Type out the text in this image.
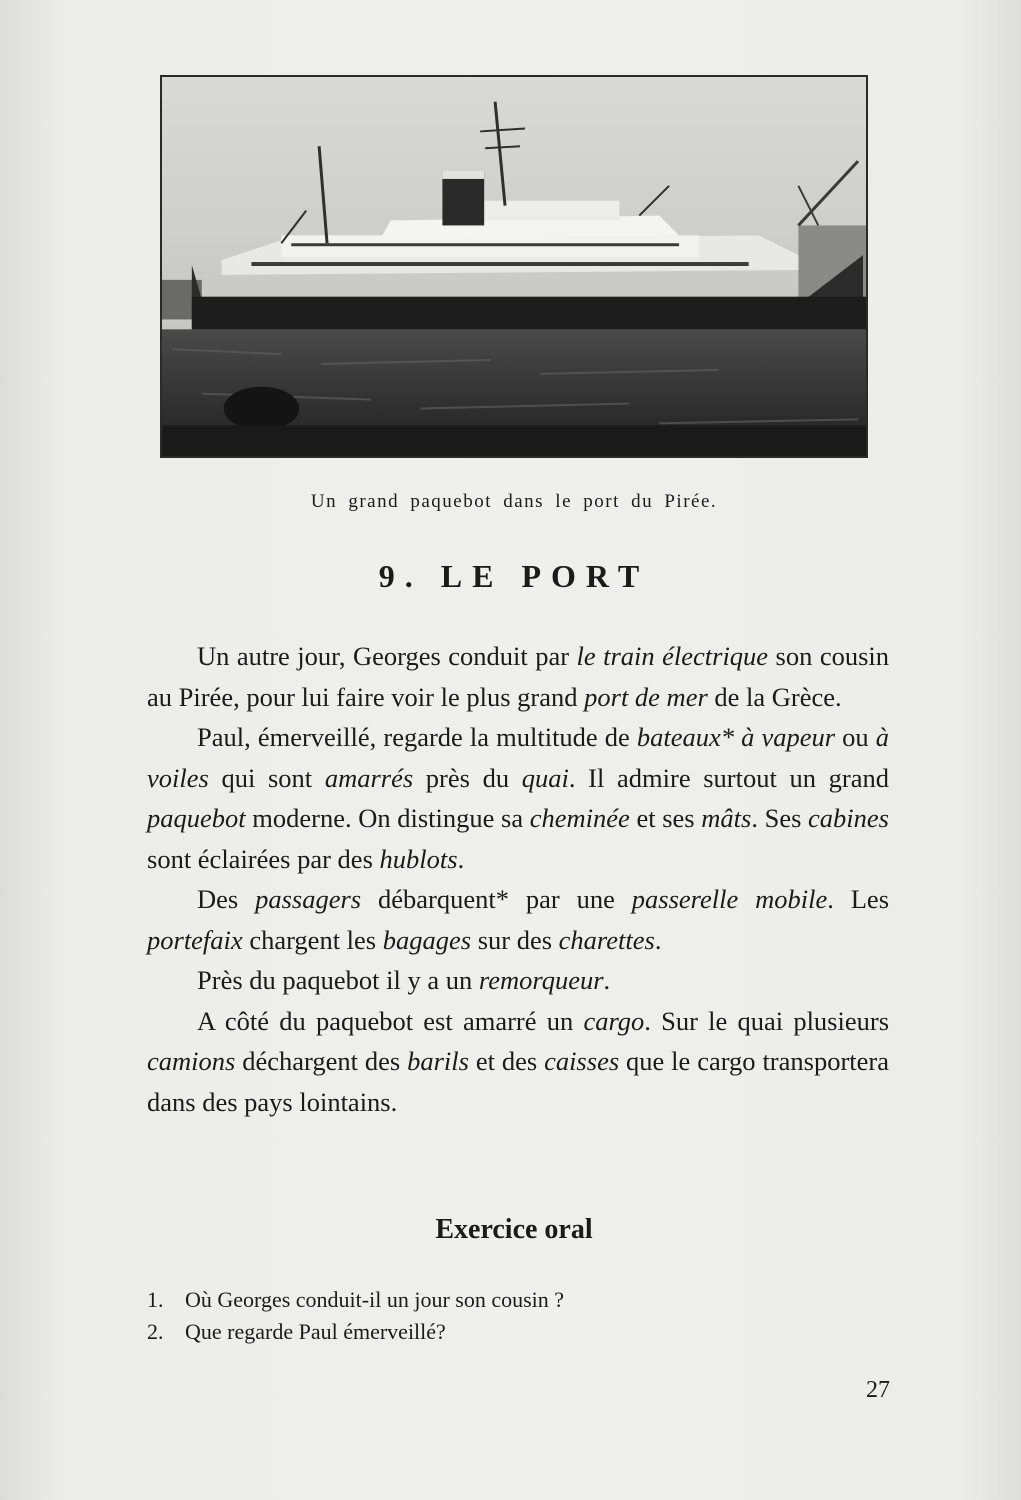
Un grand paquebot dans le port du Pirée.
9. LE PORT

Un autre jour, Georges conduit par le train électrique son cousin au Pirée, pour lui faire voir le plus grand port de mer de la Grèce.

Paul, émerveillé, regarde la multitude de bateaux* à vapeur ou à voiles qui sont amarrés près du quai. Il admire surtout un grand paquebot moderne. On distingue sa cheminée et ses mâts. Ses cabines sont éclairées par des hublots.

Des passagers débarquent* par une passerelle mobile. Les portefaix chargent les bagages sur des charettes.

Près du paquebot il y a un remorqueur.

A côté du paquebot est amarré un cargo. Sur le quai plusieurs camions déchargent des barils et des caisses que le cargo transportera dans des pays lointains.

Exercice oral
1. Où Georges conduit-il un jour son cousin ?
2. Que regarde Paul émerveillé?
27
